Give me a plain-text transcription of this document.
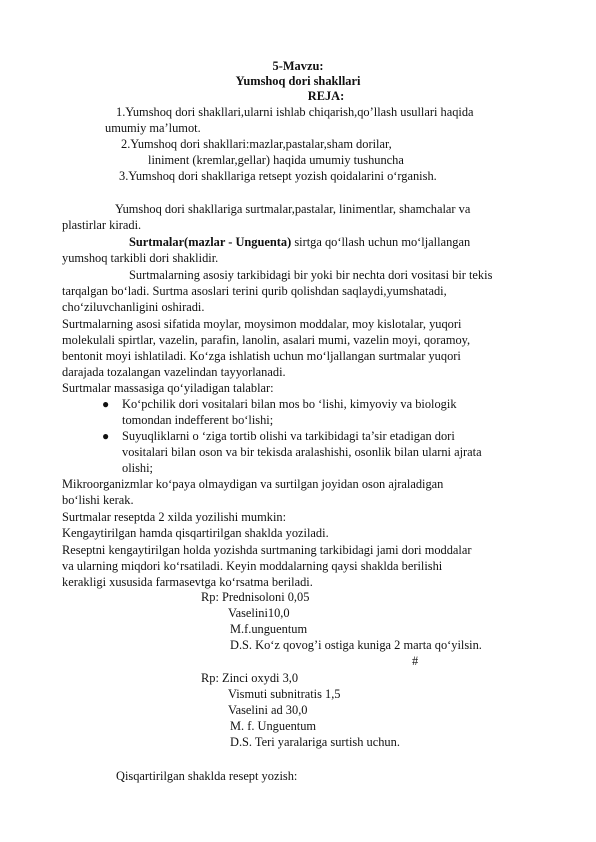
5-Mavzu:
Yumshoq dori shakllari
REJA:
1.Yumshoq dori shakllari,ularni ishlab chiqarish,qo’llash usullari haqida
umumiy ma’lumot.
2.Yumshoq dori shakllari:mazlar,pastalar,sham dorilar,
liniment (kremlar,gellar) haqida umumiy tushuncha
3.Yumshoq dori shakllariga retsept yozish qoidalarini o‘rganish.
Yumshoq dori shakllariga surtmalar,pastalar, linimentlar, shamchalar va
plastirlar kiradi.
Surtmalar(mazlar - Unguenta) sirtga qo‘llash uchun mo‘ljallangan
yumshoq tarkibli dori shaklidir.
Surtmalarning asosiy tarkibidagi bir yoki bir nechta dori vositasi bir tekis
tarqalgan bo‘ladi. Surtma asoslari terini qurib qolishdan saqlaydi,yumshatadi,
cho‘ziluvchanligini oshiradi.
Surtmalarning asosi sifatida moylar, moysimon moddalar, moy kislotalar, yuqori
molekulali spirtlar, vazelin, parafin, lanolin, asalari mumi, vazelin moyi, qoramoy,
bentonit moyi ishlatiladi. Ko‘zga ishlatish uchun mo‘ljallangan surtmalar yuqori
darajada tozalangan vazelindan tayyorlanadi.
Surtmalar massasiga qo‘yiladigan talablar:
● Ko‘pchilik dori vositalari bilan mos bo ‘lishi, kimyoviy va biologik
tomondan indefferent bo‘lishi;
● Suyuqliklarni o ‘ziga tortib olishi va tarkibidagi ta’sir etadigan dori
vositalari bilan oson va bir tekisda aralashishi, osonlik bilan ularni ajrata
olishi;
Mikroorganizmlar ko‘paya olmaydigan va surtilgan joyidan oson ajraladigan
bo‘lishi kerak.
Surtmalar reseptda 2 xilda yozilishi mumkin:
Kengaytirilgan hamda qisqartirilgan shaklda yoziladi.
Reseptni kengaytirilgan holda yozishda surtmaning tarkibidagi jami dori moddalar
va ularning miqdori ko‘rsatiladi. Keyin moddalarning qaysi shaklda berilishi
kerakligi xususida farmasevtga ko‘rsatma beriladi.
Rp: Prednisoloni 0,05
Vaselini10,0
M.f.unguentum
D.S. Ko‘z qovog’i ostiga kuniga 2 marta qo‘yilsin.
#
Rp: Zinci oxydi 3,0
Vismuti subnitratis 1,5
Vaselini ad 30,0
M. f. Unguentum
D.S. Teri yaralariga surtish uchun.
Qisqartirilgan shaklda resept yozish:
